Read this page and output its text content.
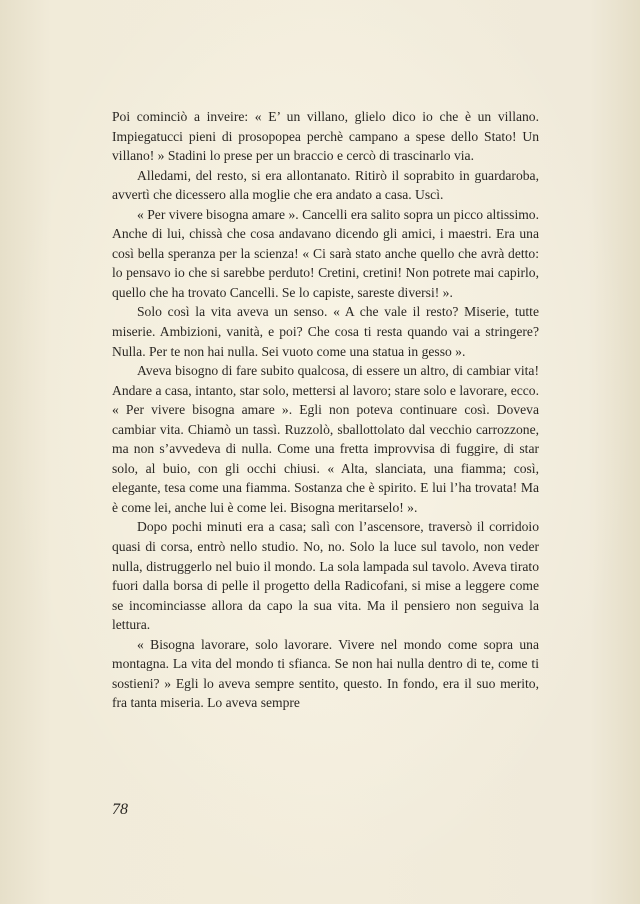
Poi cominciò a inveire: « E’ un villano, glielo dico io che è un villano. Impiegatucci pieni di prosopopea perchè campano a spese dello Stato! Un villano! » Stadini lo prese per un braccio e cercò di trascinarlo via.

Alledami, del resto, si era allontanato. Ritirò il soprabito in guardaroba, avvertì che dicessero alla moglie che era andato a casa. Uscì.

« Per vivere bisogna amare ». Cancelli era salito sopra un picco altissimo. Anche di lui, chissà che cosa andavano dicendo gli amici, i maestri. Era una così bella speranza per la scienza! « Ci sarà stato anche quello che avrà detto: lo pensavo io che si sarebbe perduto! Cretini, cretini! Non potrete mai capirlo, quello che ha trovato Cancelli. Se lo capiste, sareste diversi! ».

Solo così la vita aveva un senso. « A che vale il resto? Miserie, tutte miserie. Ambizioni, vanità, e poi? Che cosa ti resta quando vai a stringere? Nulla. Per te non hai nulla. Sei vuoto come una statua in gesso ».

Aveva bisogno di fare subito qualcosa, di essere un altro, di cambiar vita! Andare a casa, intanto, star solo, mettersi al lavoro; stare solo e lavorare, ecco. « Per vivere bisogna amare ». Egli non poteva continuare così. Doveva cambiar vita. Chiamò un tassì. Ruzzolò, sballottolato dal vecchio carrozzone, ma non s’avvedeva di nulla. Come una fretta improvvisa di fuggire, di star solo, al buio, con gli occhi chiusi. « Alta, slanciata, una fiamma; così, elegante, tesa come una fiamma. Sostanza che è spirito. E lui l’ha trovata! Ma è come lei, anche lui è come lei. Bisogna meritarselo! ».

Dopo pochi minuti era a casa; salì con l’ascensore, traversò il corridoio quasi di corsa, entrò nello studio. No, no. Solo la luce sul tavolo, non veder nulla, distruggerlo nel buio il mondo. La sola lampada sul tavolo. Aveva tirato fuori dalla borsa di pelle il progetto della Radicofani, si mise a leggere come se incominciasse allora da capo la sua vita. Ma il pensiero non seguiva la lettura.

« Bisogna lavorare, solo lavorare. Vivere nel mondo come sopra una montagna. La vita del mondo ti sfianca. Se non hai nulla dentro di te, come ti sostieni? » Egli lo aveva sempre sentito, questo. In fondo, era il suo merito, fra tanta miseria. Lo aveva sempre

78
